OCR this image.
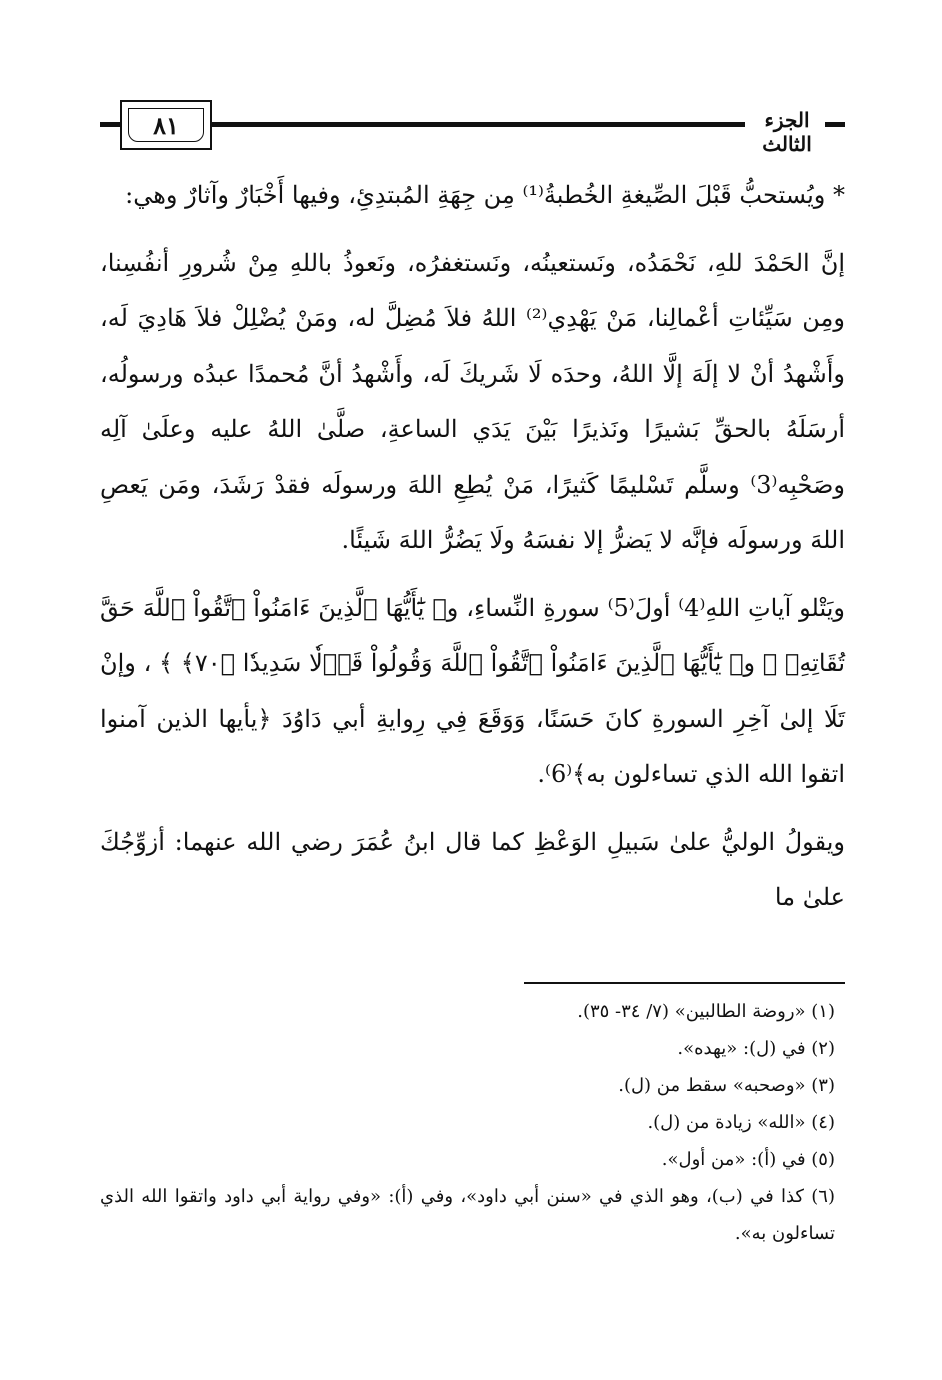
٨١	الجزء الثالث

* ويُستحبُّ قَبْلَ الصِّيغةِ الخُطبةُ⁽¹⁾ مِن جِهَةِ المُبتدِئِ، وفيها أَخْبَارٌ وآثارٌ وهي:

إنَّ الحَمْدَ للهِ، نَحْمَدُه، ونَستعينُه، ونَستغفرُه، ونَعوذُ باللهِ مِنْ شُرورِ أنفُسِنا، ومِن سَيِّئاتِ أعْمالِنا، مَنْ يَهْدِي⁽²⁾ اللهُ فلاَ مُضِلَّ له، ومَنْ يُضْلِلْ فلاَ هَادِيَ لَه، وأَشْهدُ أنْ لا إلَهَ إلَّا اللهُ، وحدَه لَا شَريكَ لَه، وأَشْهدُ أنَّ مُحمدًا عبدُه ورسولُه، أرسَلَهُ بالحقِّ بَشيرًا ونَذيرًا بَيْنَ يَدَي الساعةِ، صلَّىٰ اللهُ عليه وعلَىٰ آلِه وصَحْبِه⁽3⁾ وسلَّم تَسْليمًا كَثيرًا، مَنْ يُطِعِ اللهَ ورسولَه فقدْ رَشَدَ، ومَن يَعصِ اللهَ ورسولَه فإنَّه لا يَضرُّ إلا نفسَهُ ولَا يَضُرُّ اللهَ شَيئًا.

ويَتْلو آياتِ اللهِ⁽4⁾ أولَ⁽5⁾ سورةِ النِّساءِ، و﴿ يَٰٓأَيُّهَا ٱلَّذِينَ ءَامَنُواْ ٱتَّقُواْ ٱللَّهَ حَقَّ تُقَاتِهِۦ ﴾ و﴿ يَٰٓأَيُّهَا ٱلَّذِينَ ءَامَنُواْ ٱتَّقُواْ ٱللَّهَ وَقُولُواْ قَوۡلٗا سَدِيدٗا ﴿٧٠﴾ ﴾ ، وإنْ تَلَا إلىٰ آخِرِ السورةِ كانَ حَسَنًا، وَوَقَعَ فِي رِوايةِ أبي دَاوُدَ ﴿يأيها الذين آمنوا اتقوا الله الذي تساءلون به﴾⁽6⁾.

ويقولُ الوليُّ علىٰ سَبيلِ الوَعْظِ كما قال ابنُ عُمَرَ رضي الله عنهما: أزوِّجُكَ علىٰ ما

(١) «روضة الطالبين» (٧/ ٣٤- ٣٥).

(٢) في (ل): «يهده».

(٣) «وصحبه» سقط من (ل).

(٤) «الله» زيادة من (ل).

(٥) في (أ): «من أول».

(٦) كذا في (ب)، وهو الذي في «سنن أبي داود»، وفي (أ): «وفي رواية أبي داود واتقوا الله الذي تساءلون به».
